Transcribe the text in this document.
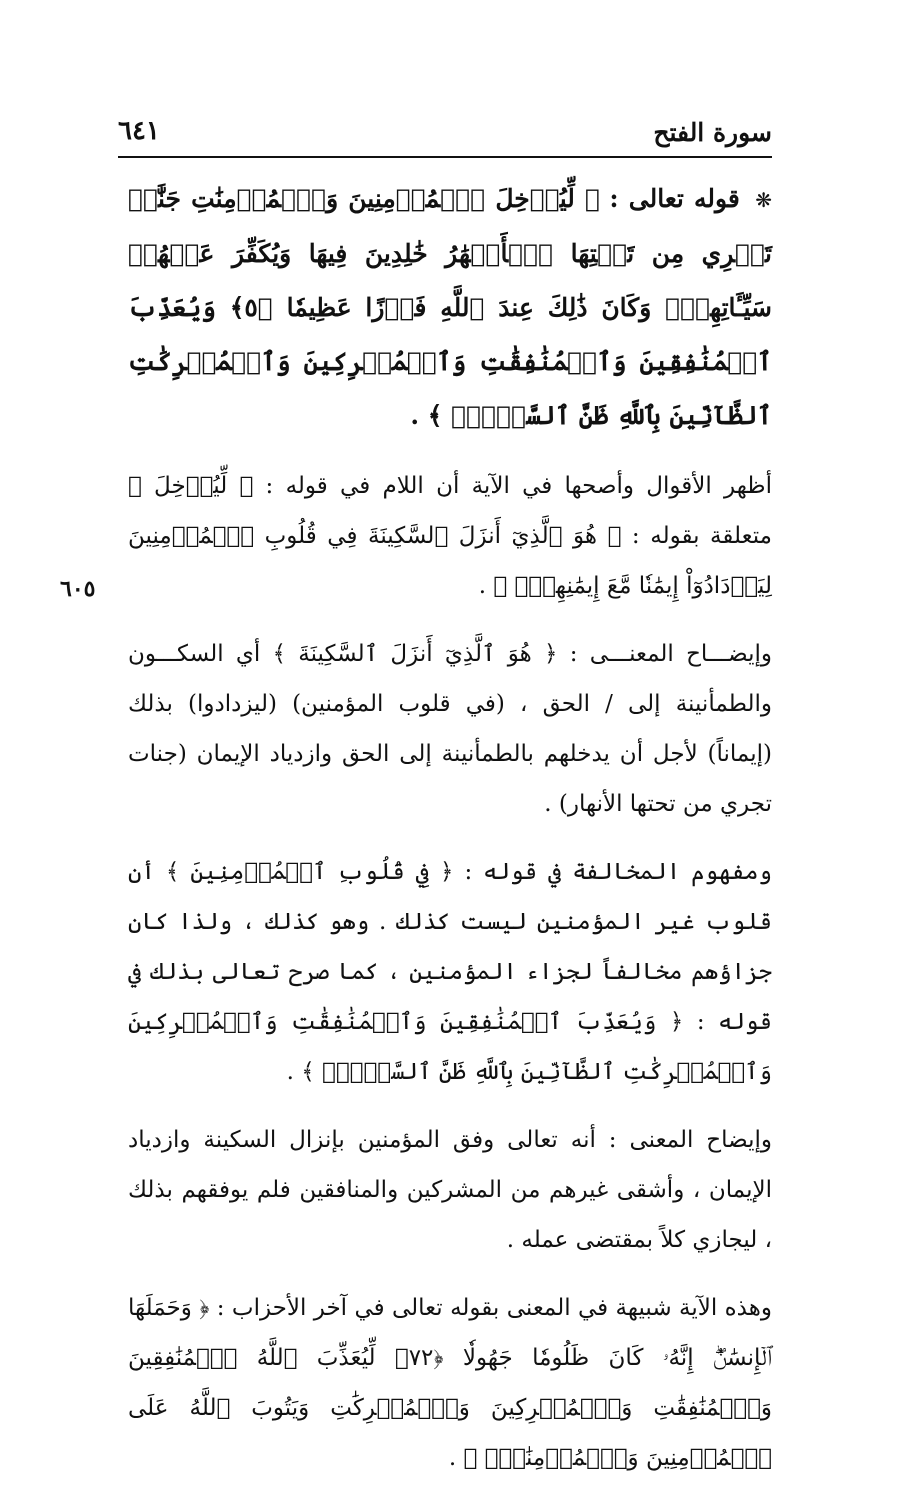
سورة الفتح
٦٤١
٦٠٥

❋ قوله تعالى : ﴿ لِّيُدۡخِلَ ٱلۡمُؤۡمِنِينَ وَٱلۡمُؤۡمِنَٰتِ جَنَّٰتٖ تَجۡرِي مِن تَحۡتِهَا ٱلۡأَنۡهَٰرُ خَٰلِدِينَ فِيهَا وَيُكَفِّرَ عَنۡهُمۡ سَيِّـَٔاتِهِمۡۚ وَكَانَ ذَٰلِكَ عِندَ ٱللَّهِ فَوۡزًا عَظِيمٗا ﴿٥﴾ وَيُعَذِّبَ ٱلۡمُنَٰفِقِينَ وَٱلۡمُنَٰفِقَٰتِ وَٱلۡمُشۡرِكِينَ وَٱلۡمُشۡرِكَٰتِ ٱلظَّآنِّينَ بِٱللَّهِ ظَنَّ ٱلسَّوۡءِۚ ﴾ .

أظهر الأقوال وأصحها في الآية أن اللام في قوله : ﴿ لِّيُدۡخِلَ ﴾ متعلقة بقوله : ﴿ هُوَ ٱلَّذِيٓ أَنزَلَ ٱلسَّكِينَةَ فِي قُلُوبِ ٱلۡمُؤۡمِنِينَ لِيَزۡدَادُوٓاْ إِيمَٰنٗا مَّعَ إِيمَٰنِهِمۡۗ ﴾ .

وإيضـــاح المعنـــى : ﴿ هُوَ ٱلَّذِيٓ أَنزَلَ ٱلسَّكِينَةَ ﴾ أي السكـــون والطمأنينة إلى / الحق ، (في قلوب المؤمنين) (ليزدادوا) بذلك (إيماناً) لأجل أن يدخلهم بالطمأنينة إلى الحق وازدياد الإيمان (جنات تجري من تحتها الأنهار) .

ومفهوم المخالفة في قوله : ﴿ فِي قُلُوبِ ٱلۡمُؤۡمِنِينَ ﴾ أن قلوب غير المؤمنين ليست كذلك . وهو كذلك ، ولذا كان جزاؤهم مخالفاً لجزاء المؤمنين ، كما صرح تعالى بذلك في قوله : ﴿ وَيُعَذِّبَ ٱلۡمُنَٰفِقِينَ وَٱلۡمُنَٰفِقَٰتِ وَٱلۡمُشۡرِكِينَ وَٱلۡمُشۡرِكَٰتِ ٱلظَّآنِّينَ بِٱللَّهِ ظَنَّ ٱلسَّوۡءِۚ ﴾ .

وإيضاح المعنى : أنه تعالى وفق المؤمنين بإنزال السكينة وازدياد الإيمان ، وأشقى غيرهم من المشركين والمنافقين فلم يوفقهم بذلك ، ليجازي كلاً بمقتضى عمله .

وهذه الآية شبيهة في المعنى بقوله تعالى في آخر الأحزاب : ﴿ وَحَمَلَهَا ٱلۡإِنسَٰنُۖ إِنَّهُۥ كَانَ ظَلُومٗا جَهُولٗا ﴿٧٢﴾ لِّيُعَذِّبَ ٱللَّهُ ٱلۡمُنَٰفِقِينَ وَٱلۡمُنَٰفِقَٰتِ وَٱلۡمُشۡرِكِينَ وَٱلۡمُشۡرِكَٰتِ وَيَتُوبَ ٱللَّهُ عَلَى ٱلۡمُؤۡمِنِينَ وَٱلۡمُؤۡمِنَٰتِۗ ﴾ .
